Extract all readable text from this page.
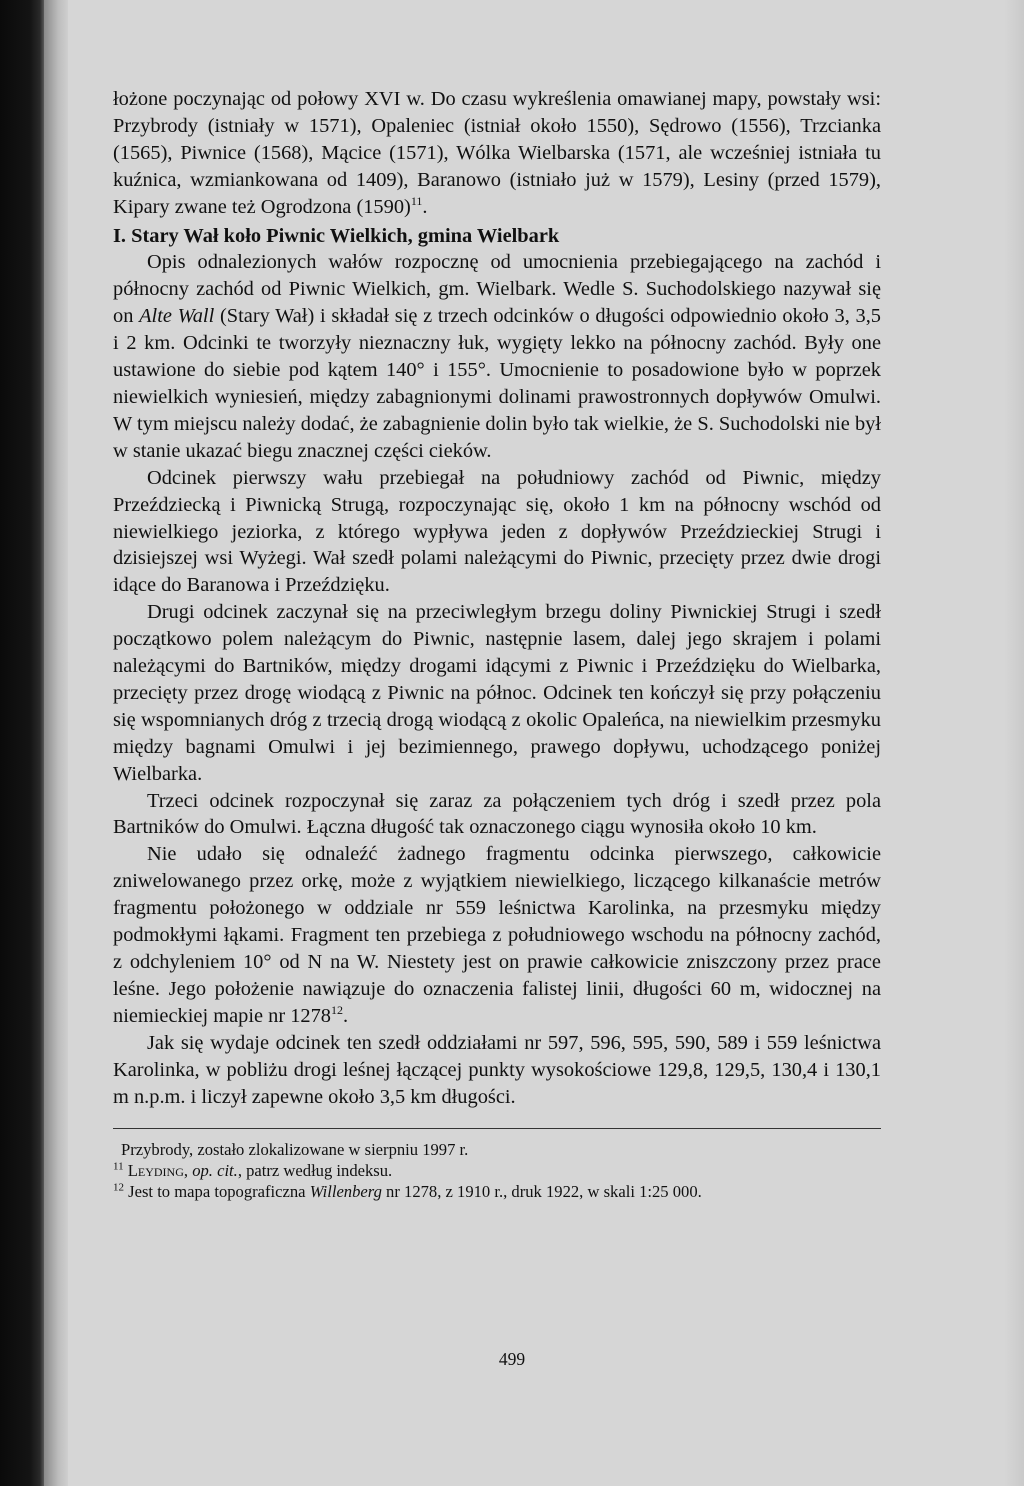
łożone poczynając od połowy XVI w. Do czasu wykreślenia omawianej mapy, powstały wsi: Przybrody (istniały w 1571), Opaleniec (istniał około 1550), Sędrowo (1556), Trzcianka (1565), Piwnice (1568), Mącice (1571), Wólka Wielbarska (1571, ale wcześniej istniała tu kuźnica, wzmiankowana od 1409), Baranowo (istniało już w 1579), Lesiny (przed 1579), Kipary zwane też Ogrodzona $(1590)^{11}$.

I. Stary Wał koło Piwnic Wielkich, gmina Wielbark

Opis odnalezionych wałów rozpocznę od umocnienia przebiegającego na zachód i północny zachód od Piwnic Wielkich, gm. Wielbark. Wedle S. Suchodolskiego nazywał się on Alte Wall (Stary Wał) i składał się z trzech odcinków o długości odpowiednio około 3, 3,5 i 2 km. Odcinki te tworzyły nieznaczny łuk, wygięty lekko na północny zachód. Były one ustawione do siebie pod kątem 140° i 155°. Umocnienie to posadowione było w poprzek niewielkich wyniesień, między zabagnionymi dolinami prawostronnych dopływów Omulwi. W tym miejscu należy dodać, że zabagnienie dolin było tak wielkie, że S. Suchodolski nie był w stanie ukazać biegu znacznej części cieków.

Odcinek pierwszy wału przebiegał na południowy zachód od Piwnic, między Przeździecką i Piwnicką Strugą, rozpoczynając się, około 1 km na północny wschód od niewielkiego jeziorka, z którego wypływa jeden z dopływów Przeździeckiej Strugi i dzisiejszej wsi Wyżegi. Wał szedł polami należącymi do Piwnic, przecięty przez dwie drogi idące do Baranowa i Przeździęku.

Drugi odcinek zaczynał się na przeciwległym brzegu doliny Piwnickiej Strugi i szedł początkowo polem należącym do Piwnic, następnie lasem, dalej jego skrajem i polami należącymi do Bartników, między drogami idącymi z Piwnic i Przeździęku do Wielbarka, przecięty przez drogę wiodącą z Piwnic na północ. Odcinek ten kończył się przy połączeniu się wspomnianych dróg z trzecią drogą wiodącą z okolic Opaleńca, na niewielkim przesmyku między bagnami Omulwi i jej bezimiennego, prawego dopływu, uchodzącego poniżej Wielbarka.

Trzeci odcinek rozpoczynał się zaraz za połączeniem tych dróg i szedł przez pola Bartników do Omulwi. Łączna długość tak oznaczonego ciągu wynosiła około 10 km.

Nie udało się odnaleźć żadnego fragmentu odcinka pierwszego, całkowicie zniwelowanego przez orkę, może z wyjątkiem niewielkiego, liczącego kilkanaście metrów fragmentu położonego w oddziale nr 559 leśnictwa Karolinka, na przesmyku między podmokłymi łąkami. Fragment ten przebiega z południowego wschodu na północny zachód, z odchyleniem 10° od N na W. Niestety jest on prawie całkowicie zniszczony przez prace leśne. Jego położenie nawiązuje do oznaczenia falistej linii, długości 60 m, widocznej na niemieckiej mapie nr 1278$^{12}$.

Jak się wydaje odcinek ten szedł oddziałami nr 597, 596, 595, 590, 589 i 559 leśnictwa Karolinka, w pobliżu drogi leśnej łączącej punkty wysokościowe 129,8, 129,5, 130,4 i 130,1 m n.p.m. i liczył zapewne około 3,5 km długości.

Przybrody, zostało zlokalizowane w sierpniu 1997 r.
$^{11}$ Leyding, op. cit., patrz według indeksu.
$^{12}$ Jest to mapa topograficzna Willenberg nr 1278, z 1910 r., druk 1922, w skali 1:25 000.
499
